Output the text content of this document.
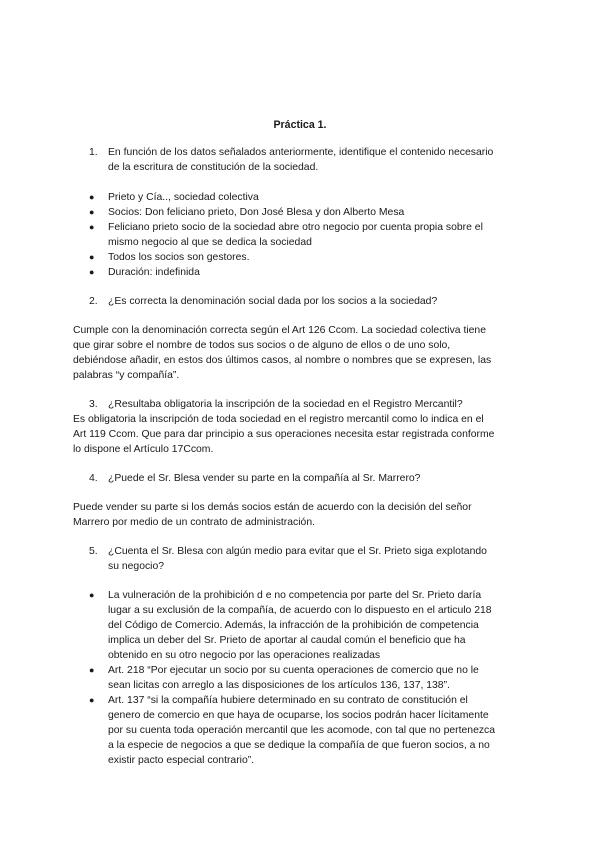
Práctica 1.
1. En función de los datos señalados anteriormente, identifique el contenido necesario
de la escritura de constitución de la sociedad.
● Prieto y Cía.., sociedad colectiva
● Socios: Don feliciano prieto, Don José Blesa y don Alberto Mesa
● Feliciano prieto socio de la sociedad abre otro negocio por cuenta propia sobre el
mismo negocio al que se dedica la sociedad
● Todos los socios son gestores.
● Duración: indefinida
2. ¿Es correcta la denominación social dada por los socios a la sociedad?
Cumple con la denominación correcta según el Art 126 Ccom. La sociedad colectiva tiene
que girar sobre el nombre de todos sus socios o de alguno de ellos o de uno solo,
debiéndose añadir, en estos dos últimos casos, al nombre o nombres que se expresen, las
palabras “y compañía”.
3. ¿Resultaba obligatoria la inscripción de la sociedad en el Registro Mercantil?
Es obligatoria la inscripción de toda sociedad en el registro mercantil como lo indica en el
Art 119 Ccom. Que para dar principio a sus operaciones necesita estar registrada conforme
lo dispone el Artículo 17Ccom.
4. ¿Puede el Sr. Blesa vender su parte en la compañía al Sr. Marrero?
Puede vender su parte si los demás socios están de acuerdo con la decisión del señor
Marrero por medio de un contrato de administración.
5. ¿Cuenta el Sr. Blesa con algún medio para evitar que el Sr. Prieto siga explotando
su negocio?
● La vulneración de la prohibición d e no competencia por parte del Sr. Prieto daría
lugar a su exclusión de la compañía, de acuerdo con lo dispuesto en el articulo 218
del Código de Comercio. Además, la infracción de la prohibición de competencia
implica un deber del Sr. Prieto de aportar al caudal común el beneficio que ha
obtenido en su otro negocio por las operaciones realizadas
● Art. 218 “Por ejecutar un socio por su cuenta operaciones de comercio que no le
sean licitas con arreglo a las disposiciones de los artículos 136, 137, 138”.
● Art. 137 “si la compañía hubiere determinado en su contrato de constitución el
genero de comercio en que haya de ocuparse, los socios podrán hacer lícitamente
por su cuenta toda operación mercantil que les acomode, con tal que no pertenezca
a la especie de negocios a que se dedique la compañía de que fueron socios, a no
existir pacto especial contrario”.
